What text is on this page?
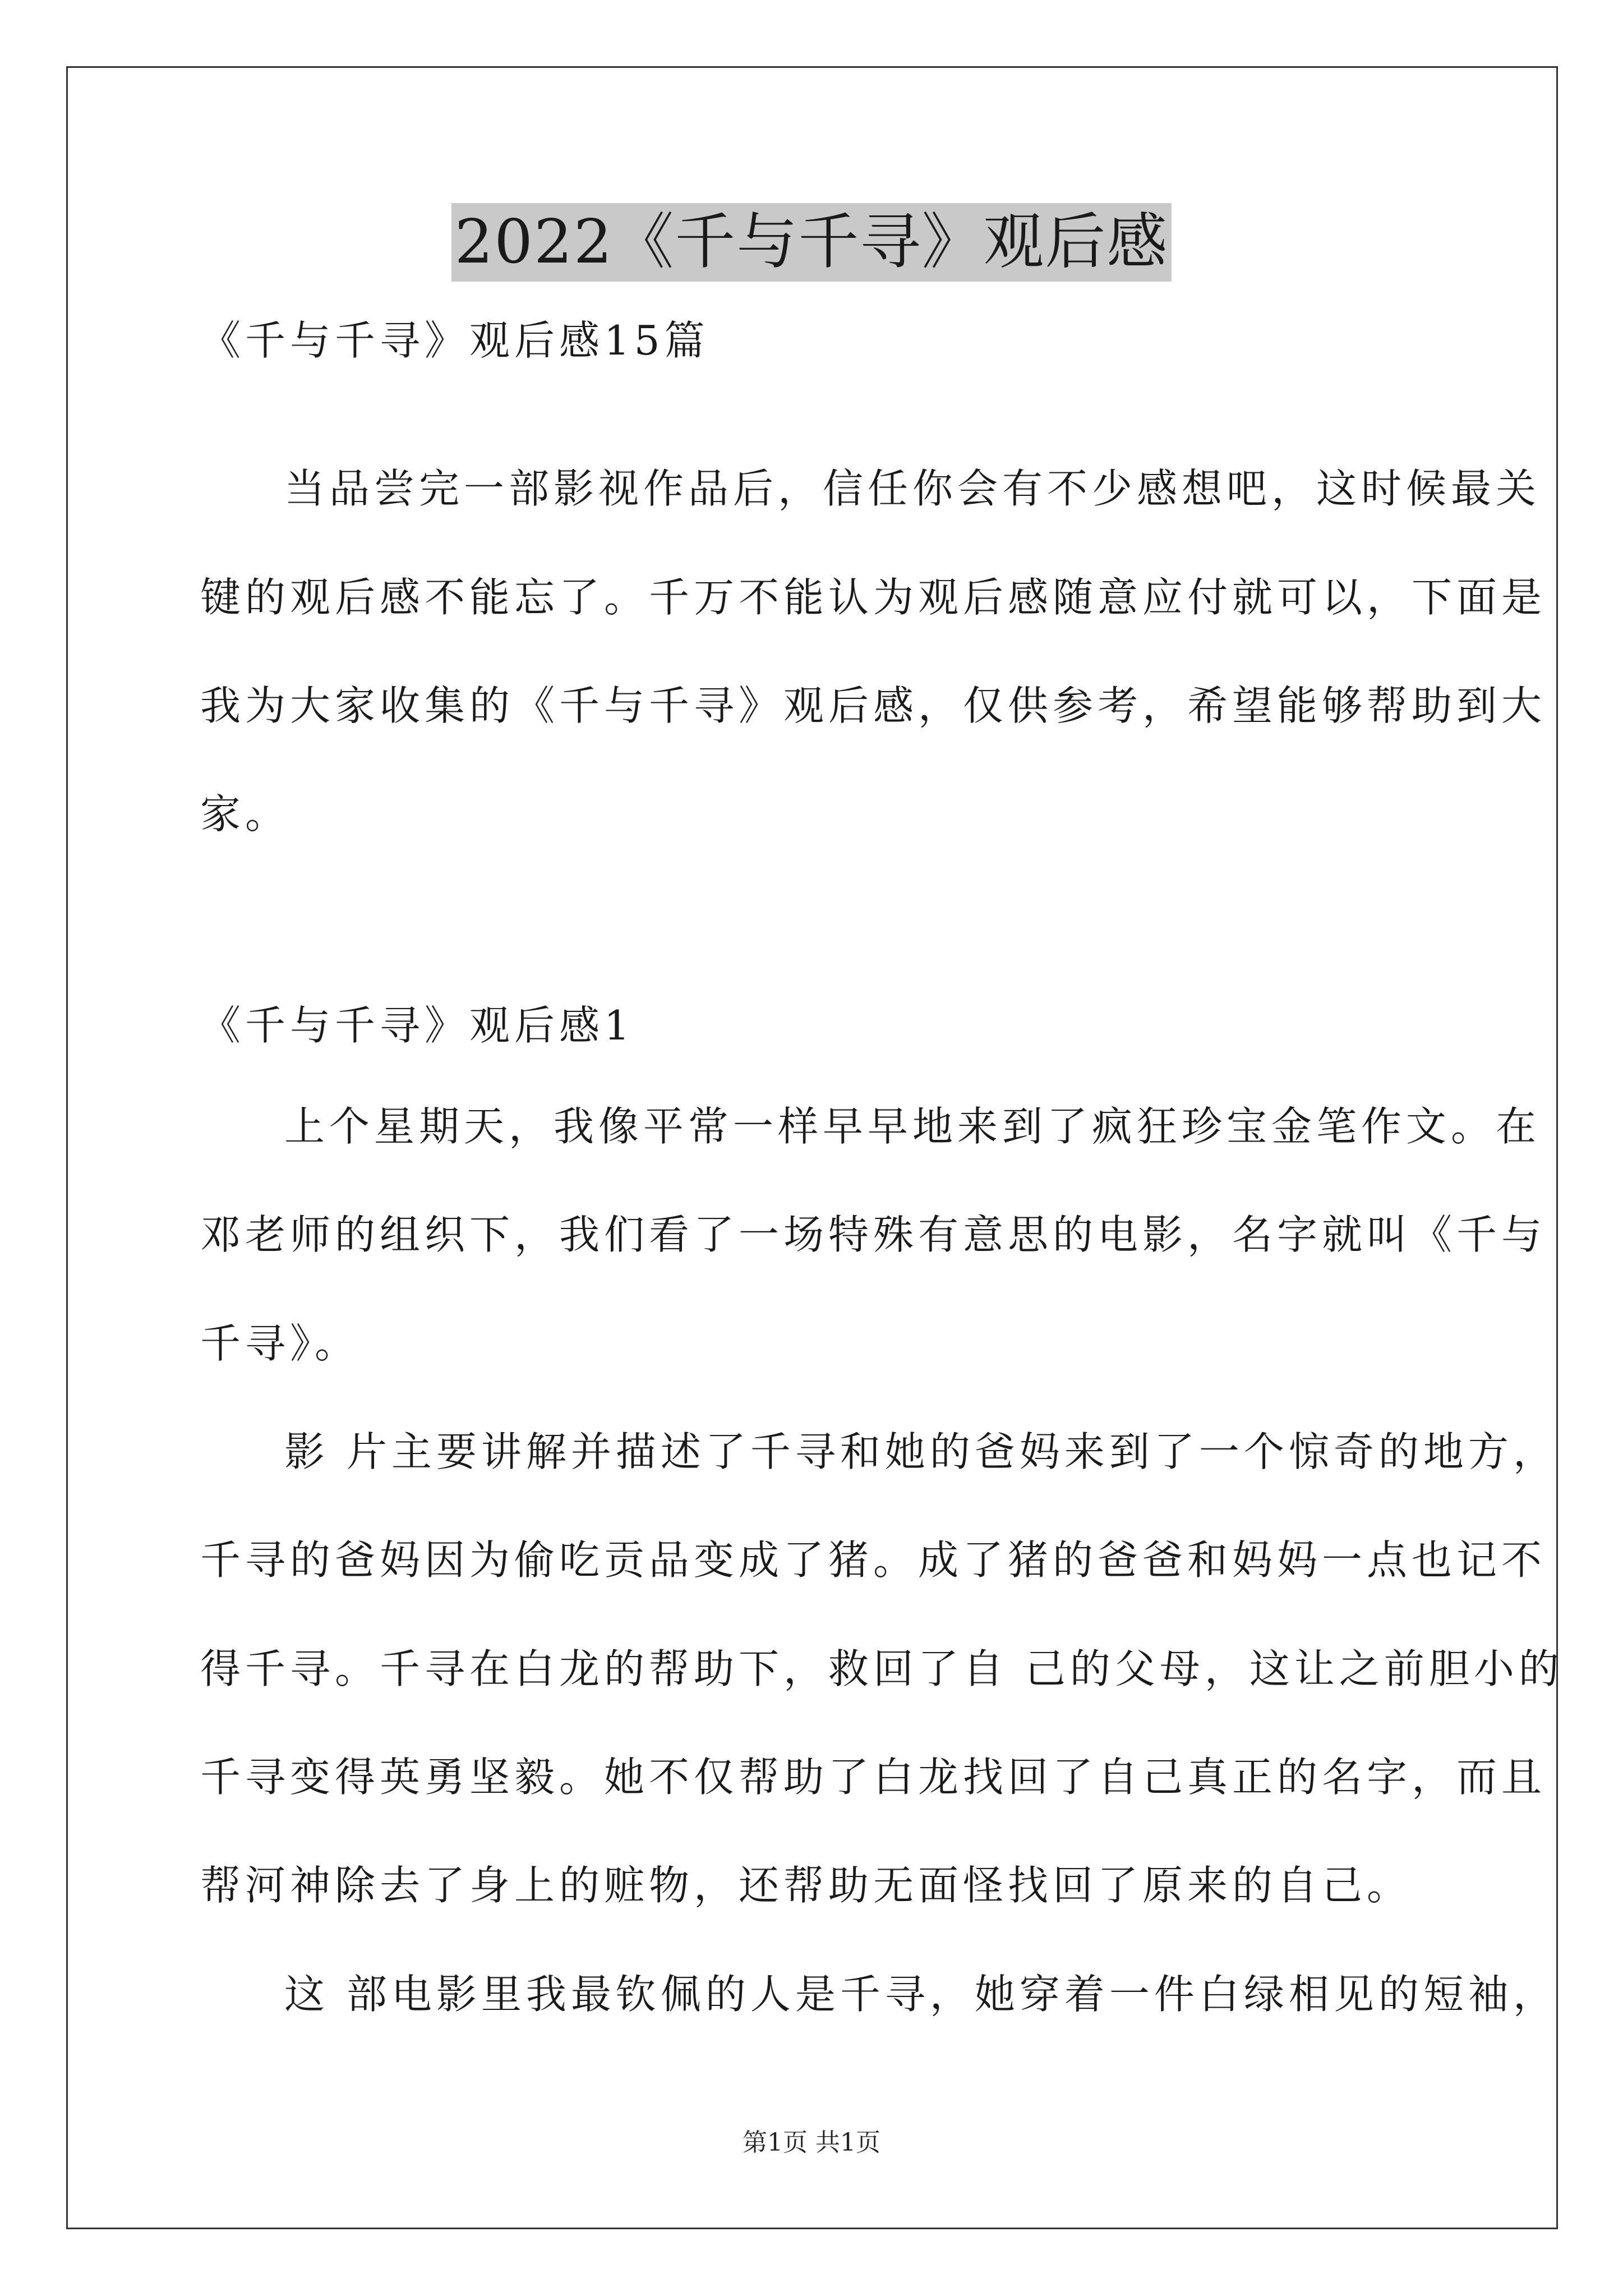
2022《千与千寻》观后感
《千与千寻》观后感15篇
当品尝完一部影视作品后，信任你会有不少感想吧，这时候最关
键的观后感不能忘了。千万不能认为观后感随意应付就可以，下面是
我为大家收集的《千与千寻》观后感，仅供参考，希望能够帮助到大
家。
《千与千寻》观后感1
上个星期天，我像平常一样早早地来到了疯狂珍宝金笔作文。在
邓老师的组织下，我们看了一场特殊有意思的电影，名字就叫《千与
千寻》。
影 片主要讲解并描述了千寻和她的爸妈来到了一个惊奇的地方，
千寻的爸妈因为偷吃贡品变成了猪。成了猪的爸爸和妈妈一点也记不
得千寻。千寻在白龙的帮助下，救回了自 己的父母，这让之前胆小的
千寻变得英勇坚毅。她不仅帮助了白龙找回了自己真正的名字，而且
帮河神除去了身上的赃物，还帮助无面怪找回了原来的自己。
这 部电影里我最钦佩的人是千寻，她穿着一件白绿相见的短袖，
第1页 共1页
